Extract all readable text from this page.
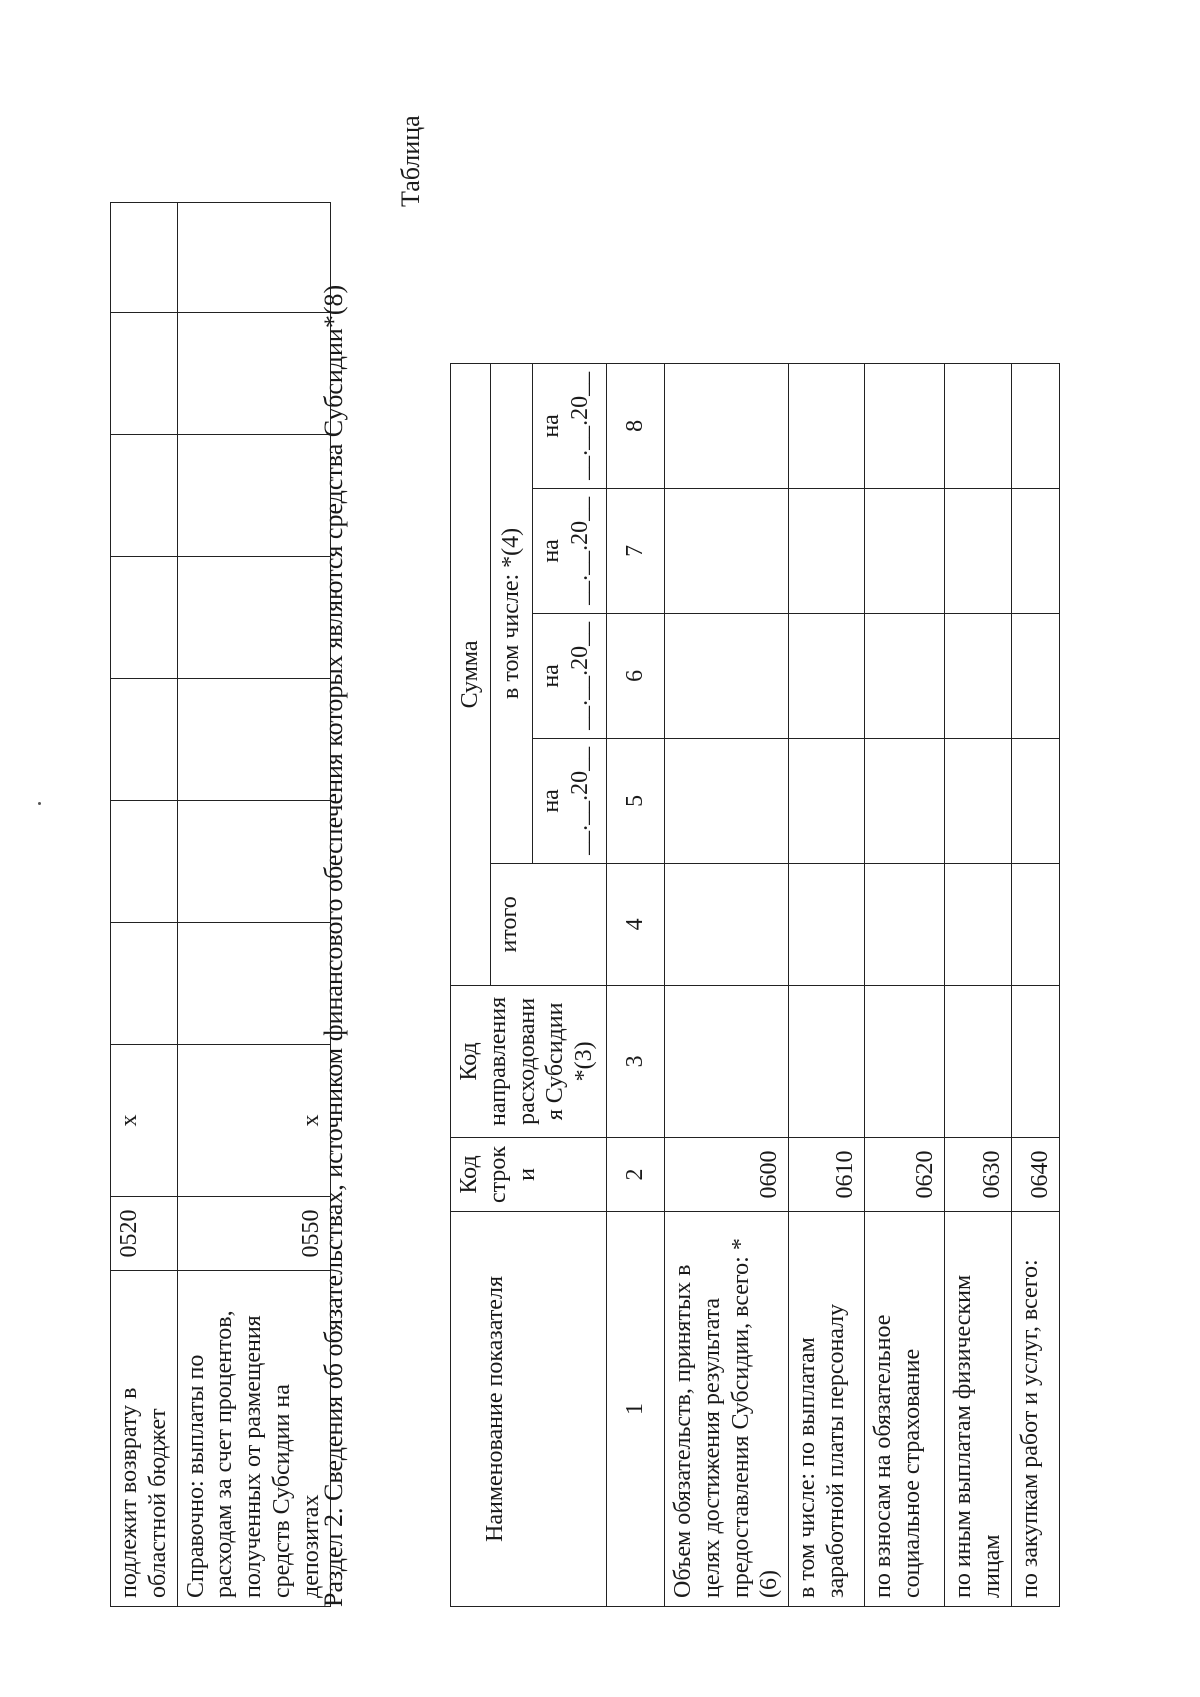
подлежит возврату в областной бюджет	0520	x							
Справочно: выплаты по расходам за счет процентов, полученных от размещения средств Субсидии на депозитах	0550	x							
Раздел 2. Сведения об обязательствах, источником финансового обеспечения которых являются средства Субсидии*(8)
Таблица
Наименование показателя	Код строк и	Код направления расходовани я Субсидии *(3)	Сумма				
			итого	в том числе: *(4)			
				на __.__.20__	на __.__.20__	на __.__.20__	на __.__.20__
1	2	3	4	5	6	7	8
Объем обязательств, принятых в целях достижения результата предоставления Субсидии, всего: *(6)	0600						
в том числе: по выплатам заработной платы персоналу	0610						
по взносам на обязательное социальное страхование	0620						
по иным выплатам физическим лицам	0630						
по закупкам работ и услуг, всего:	0640						
